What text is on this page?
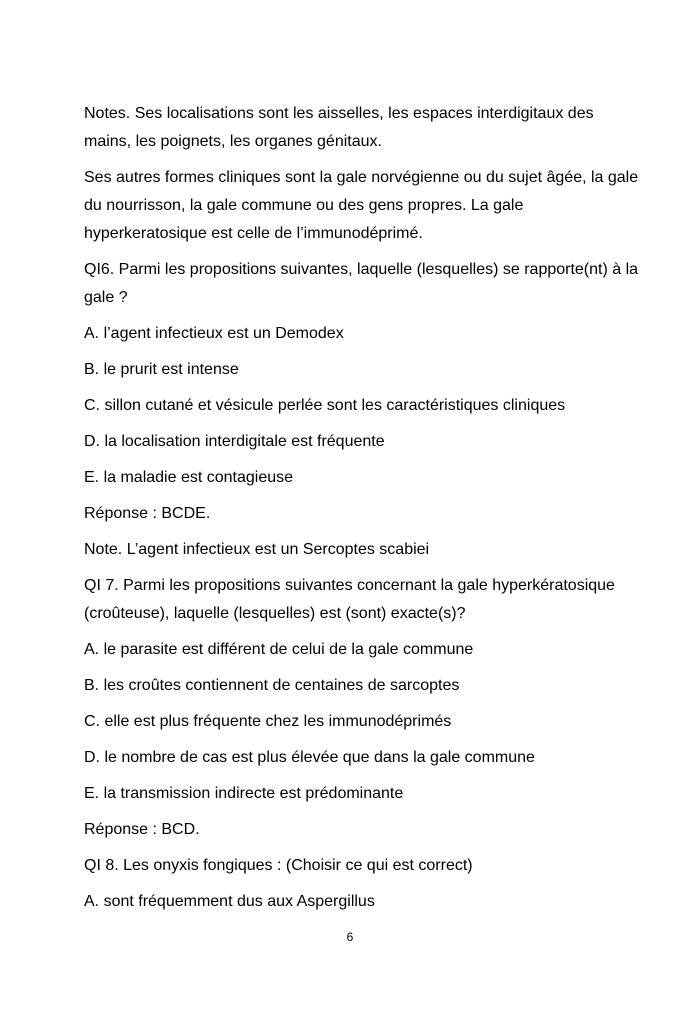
Notes. Ses localisations sont les aisselles, les espaces interdigitaux des mains, les poignets, les organes génitaux.

Ses autres formes cliniques sont la gale norvégienne ou du sujet âgée, la gale du nourrisson, la gale commune ou des gens propres. La gale hyperkeratosique est celle de l’immunodéprimé.

QI6. Parmi les propositions suivantes, laquelle (lesquelles) se rapporte(nt) à la gale ?

A. l’agent infectieux est un Demodex

B. le prurit est intense

C. sillon cutané et vésicule perlée sont les caractéristiques cliniques

D. la localisation interdigitale est fréquente

E. la maladie est contagieuse

Réponse : BCDE.

Note. L’agent infectieux est un Sercoptes scabiei

QI 7. Parmi les propositions suivantes concernant la gale hyperkératosique (croûteuse), laquelle (lesquelles) est (sont) exacte(s)?

A. le parasite est différent de celui de la gale commune

B. les croûtes contiennent de centaines de sarcoptes

C. elle est plus fréquente chez les immunodéprimés

D. le nombre de cas est plus élevée que dans la gale commune

E. la transmission indirecte est prédominante

Réponse : BCD.

QI 8. Les onyxis fongiques : (Choisir ce qui est correct)

A. sont fréquemment dus aux Aspergillus

6
